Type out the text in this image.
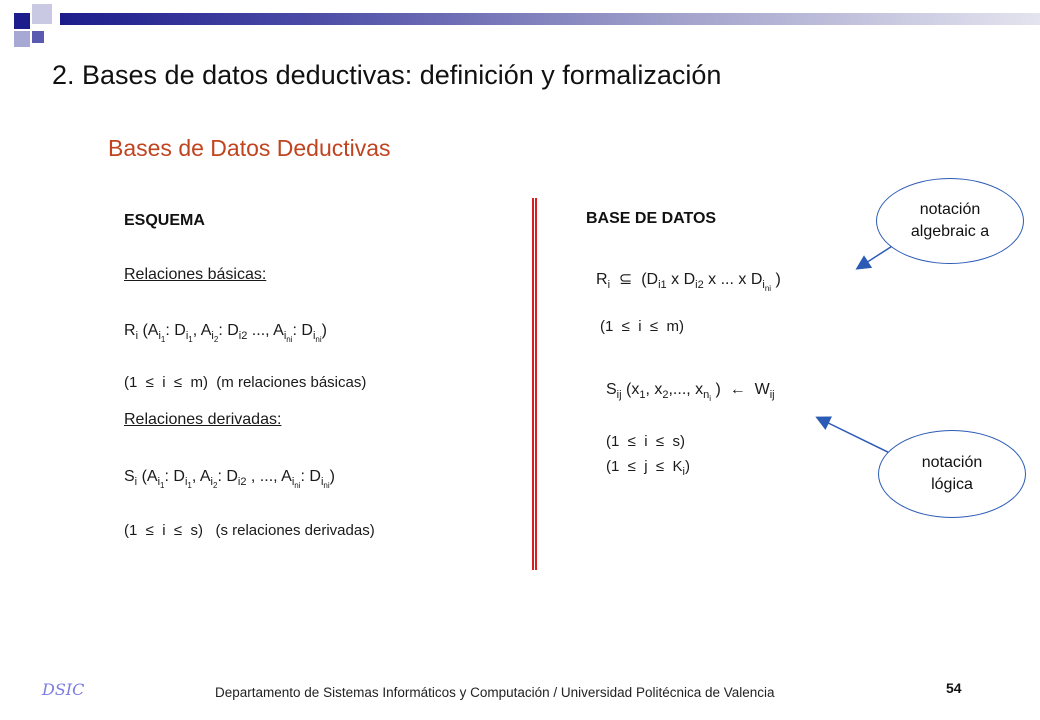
2. Bases de datos deductivas: definición y formalización
Bases de Datos Deductivas
ESQUEMA
Relaciones básicas:
$R_i$ ($A_{i_1}$: $D_{i_1}$, $A_{i_2}$: $D_{i2}$ ..., $A_{i_{ni}}$: $D_{i_{ni}}$)
(1  ≤  i  ≤  m)  (m relaciones básicas)
Relaciones derivadas:
$S_i$ ($A_{i_1}$: $D_{i_1}$, $A_{i_2}$: $D_{i2}$ , ..., $A_{i_{ni}}$: $D_{i_{ni}}$)
(1  ≤  i  ≤  s)   (s relaciones derivadas)
BASE DE DATOS
$R_i$ ⊆ ($D_{i1}$ x $D_{i2}$ x ... x $D_{i_{ni}}$ )
(1  ≤  i  ≤  m)
$S_{ij}$ ($x_1$, $x_2$,..., $x_{n_i}$ ) ← $W_{ij}$
(1  ≤  i  ≤  s)
$(1 \le j \le K_i)$
notación algebraic a
notación lógica
DSIC	Departamento de Sistemas Informáticos y Computación / Universidad Politécnica de Valencia	54
